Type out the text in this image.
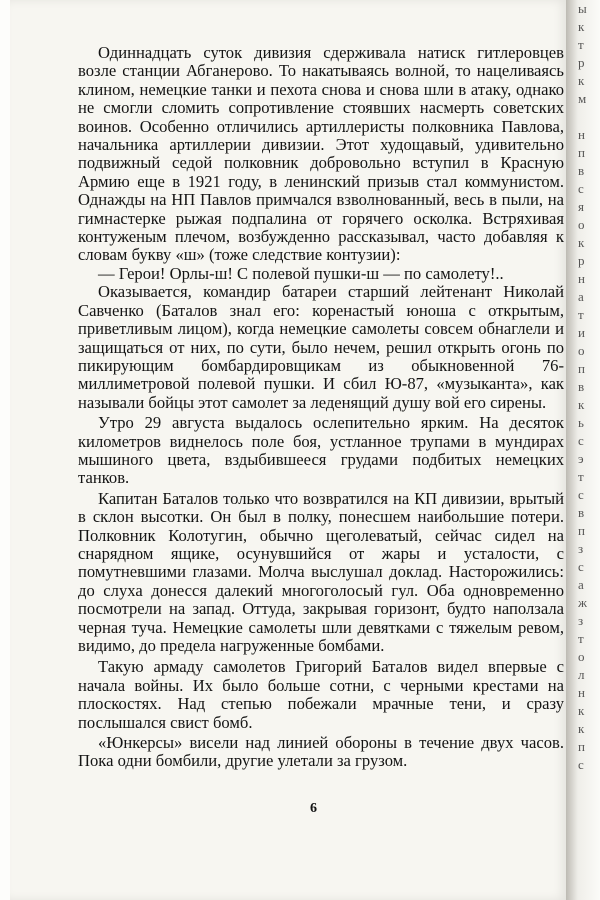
ы
к
т
р
к
м

н
п
в
с
я
о
к
р
н
а
т
и
о
п
в
к
ь
с
э
т
с
в
п
з
с
а
ж
з
т
о
л
н
к
к
п
с

Одиннадцать суток дивизия сдерживала натиск гитлеровцев возле станции Абганерово. То накатываясь волной, то нацеливаясь клином, немецкие танки и пехота снова и снова шли в атаку, однако не смогли сломить сопротивление стоявших насмерть советских воинов. Особенно отличились артиллеристы полковника Павлова, начальника артиллерии дивизии. Этот худощавый, удивительно подвижный седой полковник добровольно вступил в Красную Армию еще в 1921 году, в ленинский призыв стал коммунистом. Однажды на НП Павлов примчался взволнованный, весь в пыли, на гимнастерке рыжая подпалина от горячего осколка. Встряхивая контуженым плечом, возбужденно рассказывал, часто добавляя к словам букву «ш» (тоже следствие контузии):

— Герои! Орлы-ш! С полевой пушки-ш — по самолету!..

Оказывается, командир батареи старший лейтенант Николай Савченко (Баталов знал его: коренастый юноша с открытым, приветливым лицом), когда немецкие самолеты совсем обнаглели и защищаться от них, по сути, было нечем, решил открыть огонь по пикирующим бомбардировщикам из обыкновенной 76-миллиметровой полевой пушки. И сбил Ю-87, «музыканта», как называли бойцы этот самолет за леденящий душу вой его сирены.

Утро 29 августа выдалось ослепительно ярким. На десяток километров виднелось поле боя, устланное трупами в мундирах мышиного цвета, вздыбившееся грудами подбитых немецких танков.

Капитан Баталов только что возвратился на КП дивизии, врытый в склон высотки. Он был в полку, понесшем наибольшие потери. Полковник Колотугин, обычно щеголеватый, сейчас сидел на снарядном ящике, осунувшийся от жары и усталости, с помутневшими глазами. Молча выслушал доклад. Насторожились: до слуха донесся далекий многоголосый гул. Оба одновременно посмотрели на запад. Оттуда, закрывая горизонт, будто наползала черная туча. Немецкие самолеты шли девятками с тяжелым ревом, видимо, до предела нагруженные бомбами.

Такую армаду самолетов Григорий Баталов видел впервые с начала войны. Их было больше сотни, с черными крестами на плоскостях. Над степью побежали мрачные тени, и сразу послышался свист бомб.

«Юнкерсы» висели над линией обороны в течение двух часов. Пока одни бомбили, другие улетали за грузом.

6
